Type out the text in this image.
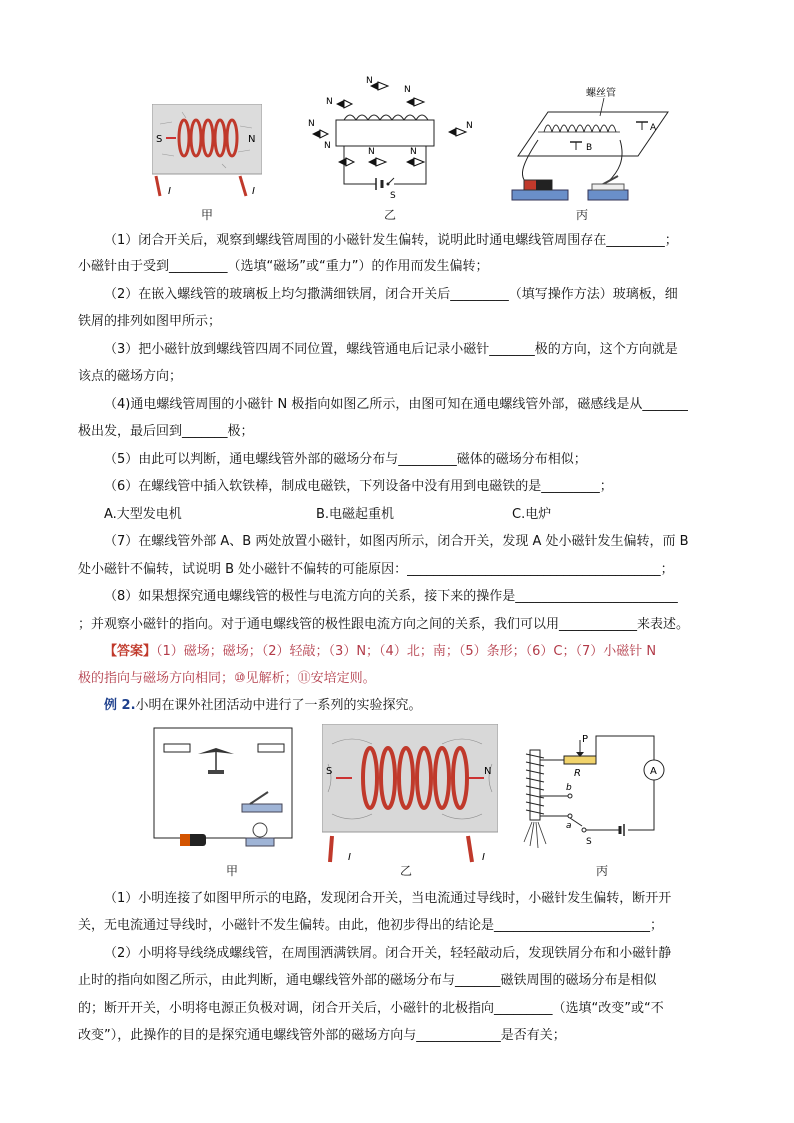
S	N
I	I
甲
S
N
N
N
N	N
N
N	N
乙
螺丝管
A
B
丙
（1）闭合开关后，观察到螺线管周围的小磁针发生偏转，说明此时通电螺线管周围存在_________；
小磁针由于受到_________（选填“磁场”或“重力”）的作用而发生偏转；
（2）在嵌入螺线管的玻璃板上均匀撒满细铁屑，闭合开关后_________（填写操作方法）玻璃板，细
铁屑的排列如图甲所示；
（3）把小磁针放到螺线管四周不同位置，螺线管通电后记录小磁针_______极的方向，这个方向就是
该点的磁场方向；
（4)通电螺线管周围的小磁针 N 极指向如图乙所示，由图可知在通电螺线管外部，磁感线是从_______
极出发，最后回到_______极；
（5）由此可以判断，通电螺线管外部的磁场分布与_________磁体的磁场分布相似；
（6）在螺线管中插入软铁棒，制成电磁铁，下列设备中没有用到电磁铁的是_________；
A.大型发电机	B.电磁起重机	C.电炉
（7）在螺线管外部 A、B 两处放置小磁针，如图丙所示，闭合开关，发现 A 处小磁针发生偏转，而 B
处小磁针不偏转，试说明 B 处小磁针不偏转的可能原因：_______________________________________；
（8）如果想探究通电螺线管的极性与电流方向的关系，接下来的操作是_________________________
；并观察小磁针的指向。对于通电螺线管的极性跟电流方向之间的关系，我们可以用____________来表述。
【答案】（1）磁场；磁场；（2）轻敲；（3）N；（4）北；南；（5）条形；（6）C；（7）小磁针 N
极的指向与磁场方向相同；⑩见解析；⑪安培定则。
例 2.小明在课外社团活动中进行了一系列的实验探究。
甲
S	N
I	I
乙
P
R	A
b
a
S
丙
（1）小明连接了如图甲所示的电路，发现闭合开关，当电流通过导线时，小磁针发生偏转，断开开
关，无电流通过导线时，小磁针不发生偏转。由此，他初步得出的结论是________________________；
（2）小明将导线绕成螺线管，在周围洒满铁屑。闭合开关，轻轻敲动后，发现铁屑分布和小磁针静
止时的指向如图乙所示，由此判断，通电螺线管外部的磁场分布与_______磁铁周围的磁场分布是相似
的；断开开关，小明将电源正负极对调，闭合开关后，小磁针的北极指向_________（选填“改变”或“不
改变”），此操作的目的是探究通电螺线管外部的磁场方向与_____________是否有关；
